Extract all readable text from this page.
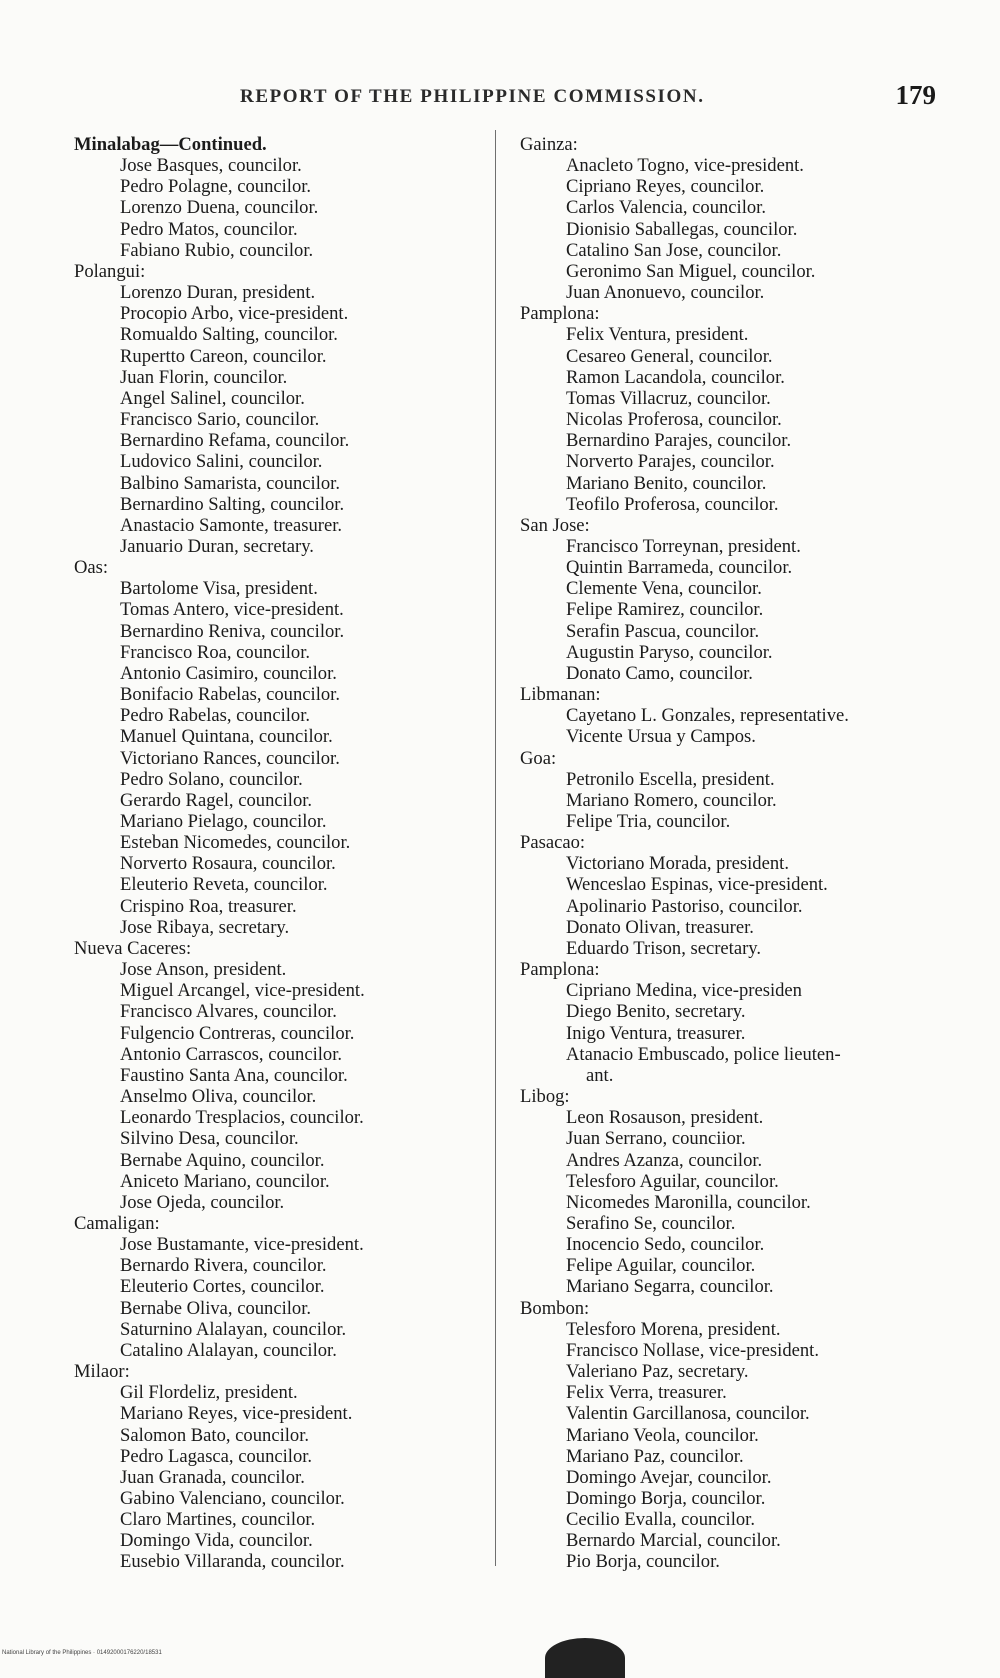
REPORT OF THE PHILIPPINE COMMISSION.	179
Minalabag—Continued.
Jose Basques, councilor.
Pedro Polagne, councilor.
Lorenzo Duena, councilor.
Pedro Matos, councilor.
Fabiano Rubio, councilor.
Polangui:
Lorenzo Duran, president.
Procopio Arbo, vice-president.
Romualdo Salting, councilor.
Rupertto Careon, councilor.
Juan Florin, councilor.
Angel Salinel, councilor.
Francisco Sario, councilor.
Bernardino Refama, councilor.
Ludovico Salini, councilor.
Balbino Samarista, councilor.
Bernardino Salting, councilor.
Anastacio Samonte, treasurer.
Januario Duran, secretary.
Oas:
Bartolome Visa, president.
Tomas Antero, vice-president.
Bernardino Reniva, councilor.
Francisco Roa, councilor.
Antonio Casimiro, councilor.
Bonifacio Rabelas, councilor.
Pedro Rabelas, councilor.
Manuel Quintana, councilor.
Victoriano Rances, councilor.
Pedro Solano, councilor.
Gerardo Ragel, councilor.
Mariano Pielago, councilor.
Esteban Nicomedes, councilor.
Norverto Rosaura, councilor.
Eleuterio Reveta, councilor.
Crispino Roa, treasurer.
Jose Ribaya, secretary.
Nueva Caceres:
Jose Anson, president.
Miguel Arcangel, vice-president.
Francisco Alvares, councilor.
Fulgencio Contreras, councilor.
Antonio Carrascos, councilor.
Faustino Santa Ana, councilor.
Anselmo Oliva, councilor.
Leonardo Tresplacios, councilor.
Silvino Desa, councilor.
Bernabe Aquino, councilor.
Aniceto Mariano, councilor.
Jose Ojeda, councilor.
Camaligan:
Jose Bustamante, vice-president.
Bernardo Rivera, councilor.
Eleuterio Cortes, councilor.
Bernabe Oliva, councilor.
Saturnino Alalayan, councilor.
Catalino Alalayan, councilor.
Milaor:
Gil Flordeliz, president.
Mariano Reyes, vice-president.
Salomon Bato, councilor.
Pedro Lagasca, councilor.
Juan Granada, councilor.
Gabino Valenciano, councilor.
Claro Martines, councilor.
Domingo Vida, councilor.
Eusebio Villaranda, councilor.
Gainza:
Anacleto Togno, vice-president.
Cipriano Reyes, councilor.
Carlos Valencia, councilor.
Dionisio Saballegas, councilor.
Catalino San Jose, councilor.
Geronimo San Miguel, councilor.
Juan Anonuevo, councilor.
Pamplona:
Felix Ventura, president.
Cesareo General, councilor.
Ramon Lacandola, councilor.
Tomas Villacruz, councilor.
Nicolas Proferosa, councilor.
Bernardino Parajes, councilor.
Norverto Parajes, councilor.
Mariano Benito, councilor.
Teofilo Proferosa, councilor.
San Jose:
Francisco Torreynan, president.
Quintin Barrameda, councilor.
Clemente Vena, councilor.
Felipe Ramirez, councilor.
Serafin Pascua, councilor.
Augustin Paryso, councilor.
Donato Camo, councilor.
Libmanan:
Cayetano L. Gonzales, representative.
Vicente Ursua y Campos.
Goa:
Petronilo Escella, president.
Mariano Romero, councilor.
Felipe Tria, councilor.
Pasacao:
Victoriano Morada, president.
Wenceslao Espinas, vice-president.
Apolinario Pastoriso, councilor.
Donato Olivan, treasurer.
Eduardo Trison, secretary.
Pamplona:
Cipriano Medina, vice-presiden
Diego Benito, secretary.
Inigo Ventura, treasurer.
Atanacio Embuscado, police lieuten-
ant.
Libog:
Leon Rosauson, president.
Juan Serrano, counciior.
Andres Azanza, councilor.
Telesforo Aguilar, councilor.
Nicomedes Maronilla, councilor.
Serafino Se, councilor.
Inocencio Sedo, councilor.
Felipe Aguilar, councilor.
Mariano Segarra, councilor.
Bombon:
Telesforo Morena, president.
Francisco Nollase, vice-president.
Valeriano Paz, secretary.
Felix Verra, treasurer.
Valentin Garcillanosa, councilor.
Mariano Veola, councilor.
Mariano Paz, councilor.
Domingo Avejar, councilor.
Domingo Borja, councilor.
Cecilio Evalla, councilor.
Bernardo Marcial, councilor.
Pio Borja, councilor.
National Library of the Philippines · 01492000176220/18531
